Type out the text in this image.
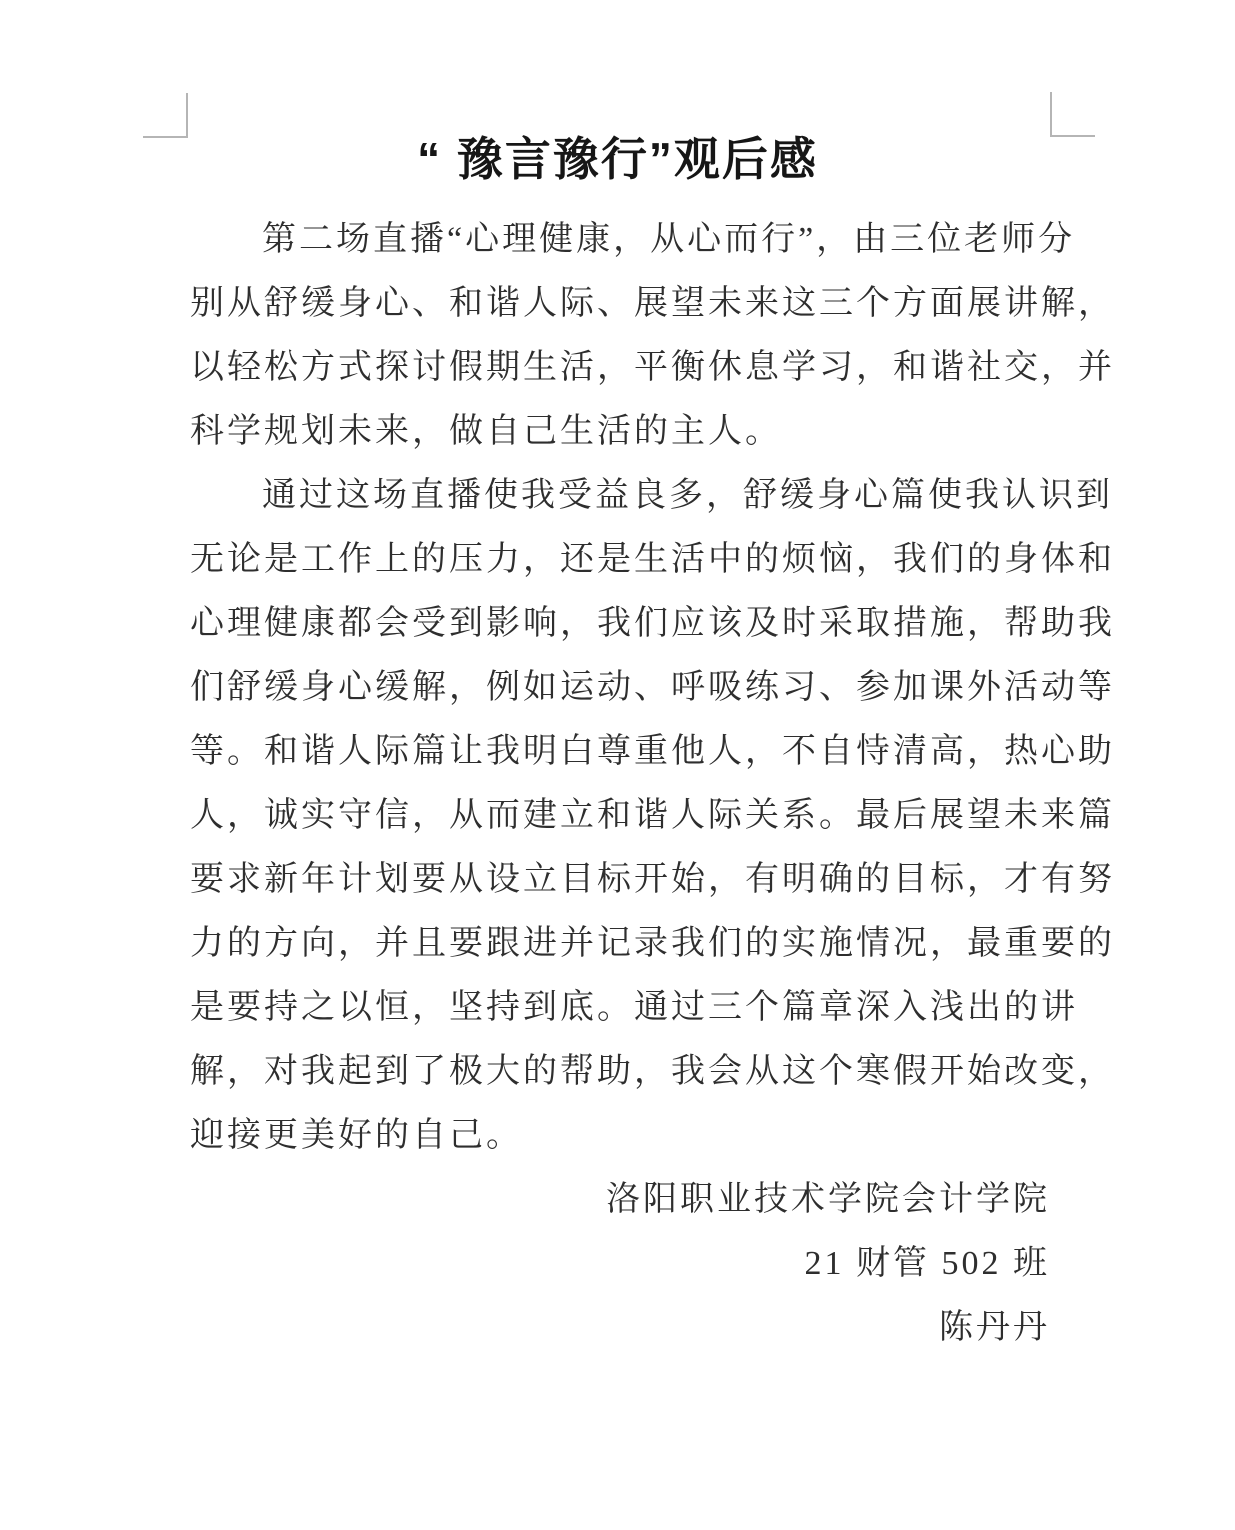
“ 豫言豫行”观后感
第二场直播“心理健康，从心而行”，由三位老师分
别从舒缓身心、和谐人际、展望未来这三个方面展讲解，
以轻松方式探讨假期生活，平衡休息学习，和谐社交，并
科学规划未来，做自己生活的主人。
通过这场直播使我受益良多，舒缓身心篇使我认识到
无论是工作上的压力，还是生活中的烦恼，我们的身体和
心理健康都会受到影响，我们应该及时采取措施，帮助我
们舒缓身心缓解，例如运动、呼吸练习、参加课外活动等
等。和谐人际篇让我明白尊重他人，不自恃清高，热心助
人，诚实守信，从而建立和谐人际关系。最后展望未来篇
要求新年计划要从设立目标开始，有明确的目标，才有努
力的方向，并且要跟进并记录我们的实施情况，最重要的
是要持之以恒，坚持到底。通过三个篇章深入浅出的讲
解，对我起到了极大的帮助，我会从这个寒假开始改变，
迎接更美好的自己。
洛阳职业技术学院会计学院
21 财管 502 班
陈丹丹
